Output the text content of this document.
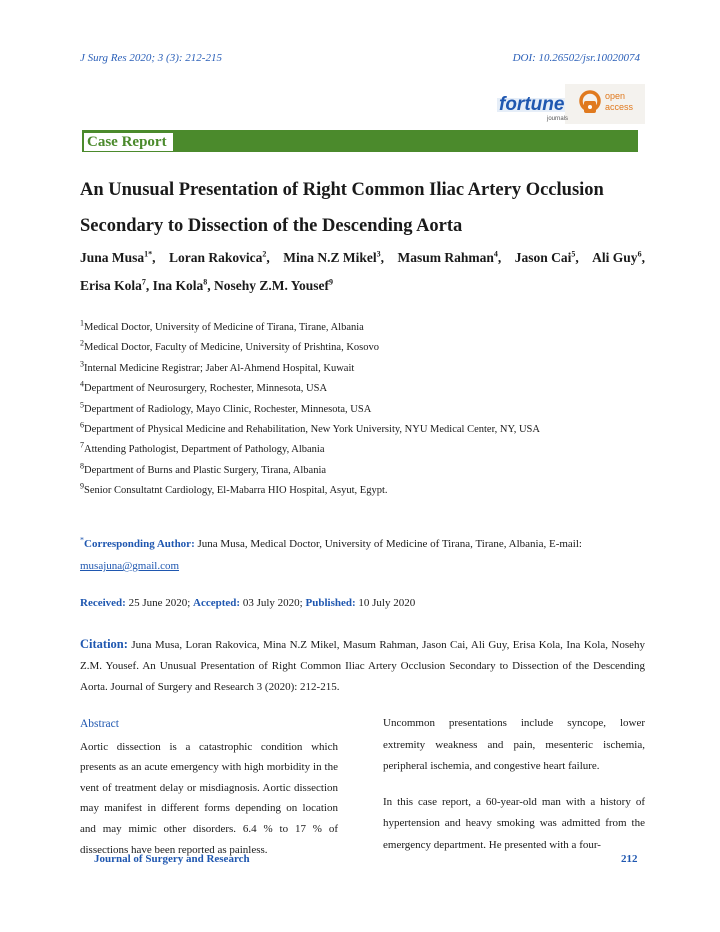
J Surg Res 2020; 3 (3): 212-215	DOI: 10.26502/jsr.10020074
fortune
journals
open
access
Case Report
An Unusual Presentation of Right Common Iliac Artery Occlusion
Secondary to Dissection of the Descending Aorta
Juna Musa$^{1*}$, Loran Rakovica$^2$, Mina N.Z Mikel$^3$, Masum Rahman$^4$, Jason Cai$^5$, Ali Guy$^6$,
Erisa Kola$^7$, Ina Kola$^8$, Nosehy Z.M. Yousef$^9$
$^1$Medical Doctor, University of Medicine of Tirana, Tirane, Albania
$^2$Medical Doctor, Faculty of Medicine, University of Prishtina, Kosovo
$^3$Internal Medicine Registrar; Jaber Al-Ahmend Hospital, Kuwait
$^4$Department of Neurosurgery, Rochester, Minnesota, USA
$^5$Department of Radiology, Mayo Clinic, Rochester, Minnesota, USA
$^6$Department of Physical Medicine and Rehabilitation, New York University, NYU Medical Center, NY, USA
$^7$Attending Pathologist, Department of Pathology, Albania
$^8$Department of Burns and Plastic Surgery, Tirana, Albania
$^9$Senior Consultatnt Cardiology, El-Mabarra HIO Hospital, Asyut, Egypt.
*Corresponding Author: Juna Musa, Medical Doctor, University of Medicine of Tirana, Tirane, Albania, E-mail:
musajuna@gmail.com
Received: 25 June 2020; Accepted: 03 July 2020; Published: 10 July 2020
Citation: Juna Musa, Loran Rakovica, Mina N.Z Mikel, Masum Rahman, Jason Cai, Ali Guy, Erisa Kola, Ina Kola, Nosehy Z.M. Yousef. An Unusual Presentation of Right Common Iliac Artery Occlusion Secondary to Dissection of the Descending Aorta. Journal of Surgery and Research 3 (2020): 212-215.
Abstract
Aortic dissection is a catastrophic condition which presents as an acute emergency with high morbidity in the vent of treatment delay or misdiagnosis. Aortic dissection may manifest in different forms depending on location and may mimic other disorders. 6.4 % to 17 % of dissections have been reported as painless.

Uncommon presentations include syncope, lower extremity weakness and pain, mesenteric ischemia, peripheral ischemia, and congestive heart failure.

In this case report, a 60-year-old man with a history of hypertension and heavy smoking was admitted from the emergency department. He presented with a four-

Journal of Surgery and Research	212
